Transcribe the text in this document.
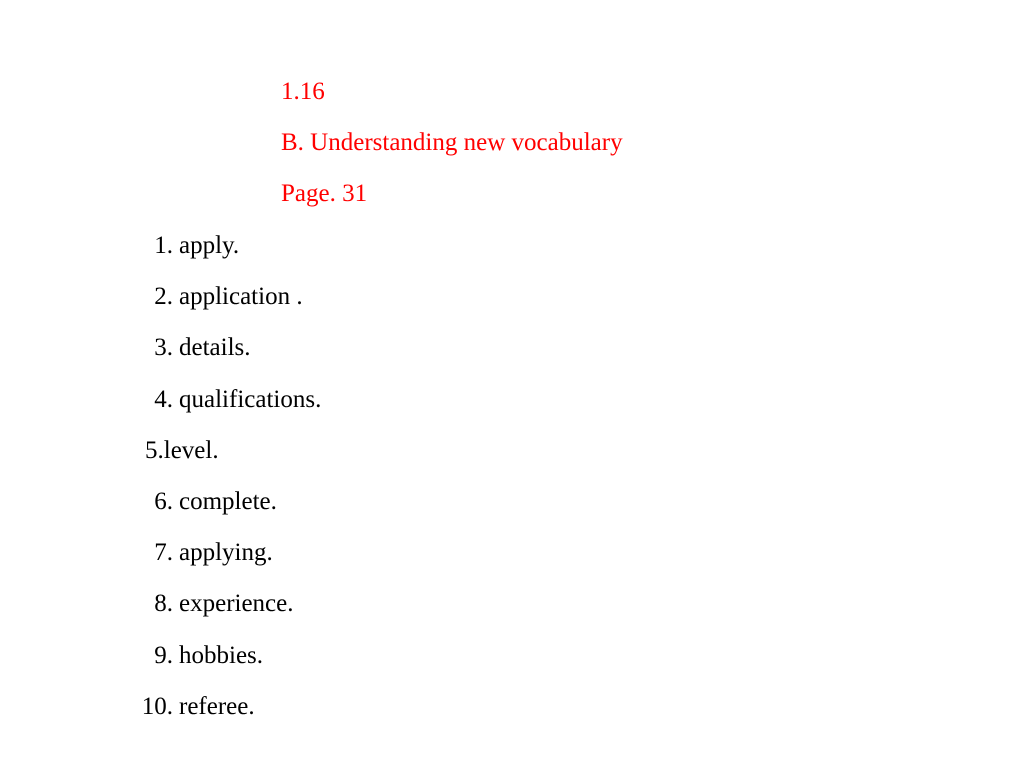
1.16
B. Understanding new vocabulary
Page. 31
1. apply.
2. application .
3. details.
4. qualifications.
5. level.
6. complete.
7. applying.
8. experience.
9. hobbies.
10. referee.
